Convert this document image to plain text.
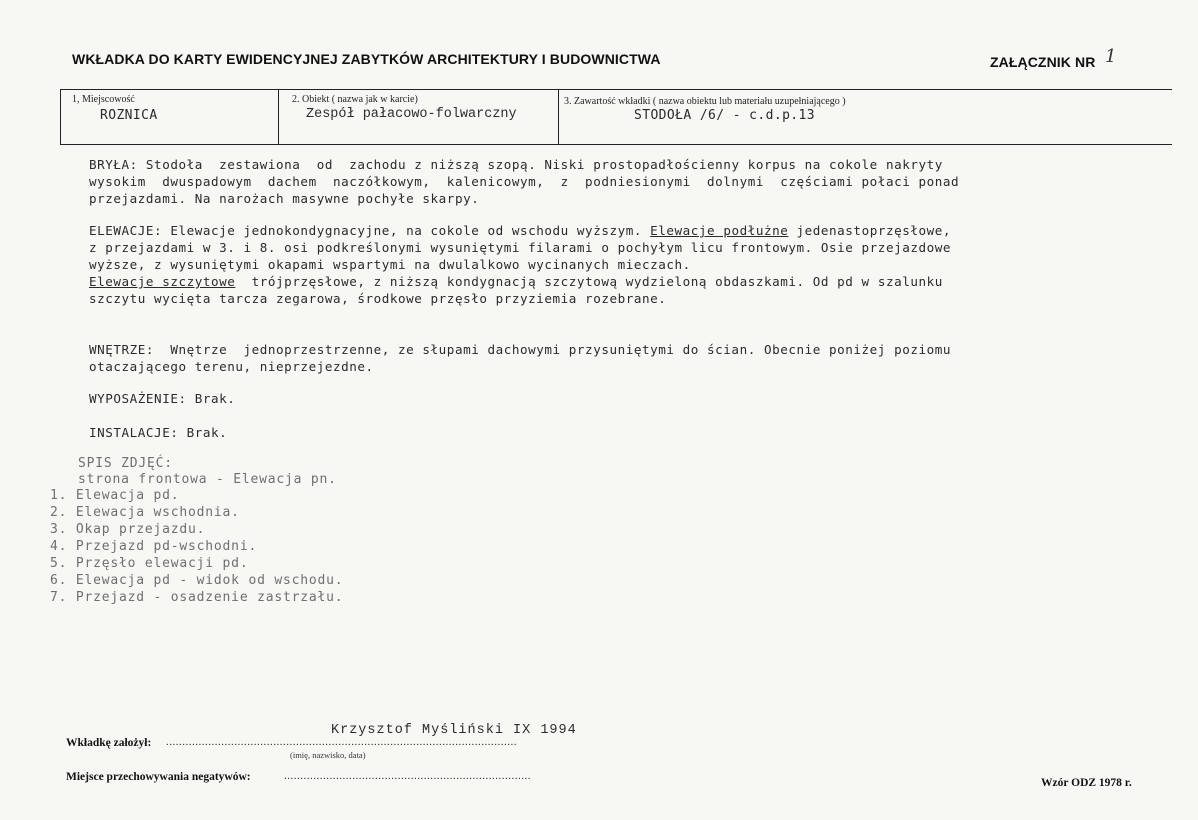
WKŁADKA DO KARTY EWIDENCYJNEJ ZABYTKÓW ARCHITEKTURY I BUDOWNICTWA	ZAŁĄCZNIK NR 1
1, Miejscowość
ROZNICA
2. Obiekt ( nazwa jak w karcie)
Zespół pałacowo-folwarczny
3. Zawartość wkładki ( nazwa obiektu lub materiału uzupełniającego )
STODOŁA /6/ - c.d.p.13
BRYŁA: Stodoła  zestawiona  od  zachodu z niższą szopą. Niski prostopadłościenny korpus na cokole nakryty
wysokim  dwuspadowym  dachem  naczółkowym,  kalenicowym,  z  podniesionymi  dolnymi  częściami połaci ponad
przejazdami. Na narożach masywne pochyłe skarpy.
ELEWACJE: Elewacje jednokondygnacyjne, na cokole od wschodu wyższym. Elewacje podłużne jedenastoprzęsłowe,
z przejazdami w 3. i 8. osi podkreślonymi wysuniętymi filarami o pochyłym licu frontowym. Osie przejazdowe
wyższe, z wysuniętymi okapami wspartymi na dwulalkowo wycinanych mieczach.
Elewacje szczytowe  trójprzęsłowe, z niższą kondygnacją szczytową wydzieloną obdaszkami. Od pd w szalunku
szczytu wycięta tarcza zegarowa, środkowe przęsło przyziemia rozebrane.
WNĘTRZE:  Wnętrze  jednoprzestrzenne, ze słupami dachowymi przysuniętymi do ścian. Obecnie poniżej poziomu
otaczającego terenu, nieprzejezdne.
WYPOSAŻENIE: Brak.
INSTALACJE: Brak.
SPIS ZDJĘĆ:
strona frontowa - Elewacja pn.
1. Elewacja pd.
2. Elewacja wschodnia.
3. Okap przejazdu.
4. Przejazd pd-wschodni.
5. Przęsło elewacji pd.
6. Elewacja pd - widok od wschodu.
7. Przejazd - osadzenie zastrzału.
Krzysztof Myśliński IX 1994
Wkładkę założył: ............................................................................................................
(imię, nazwisko, data)
Miejsce przechowywania negatywów:	............................................................................
Wzór ODZ 1978 r.
